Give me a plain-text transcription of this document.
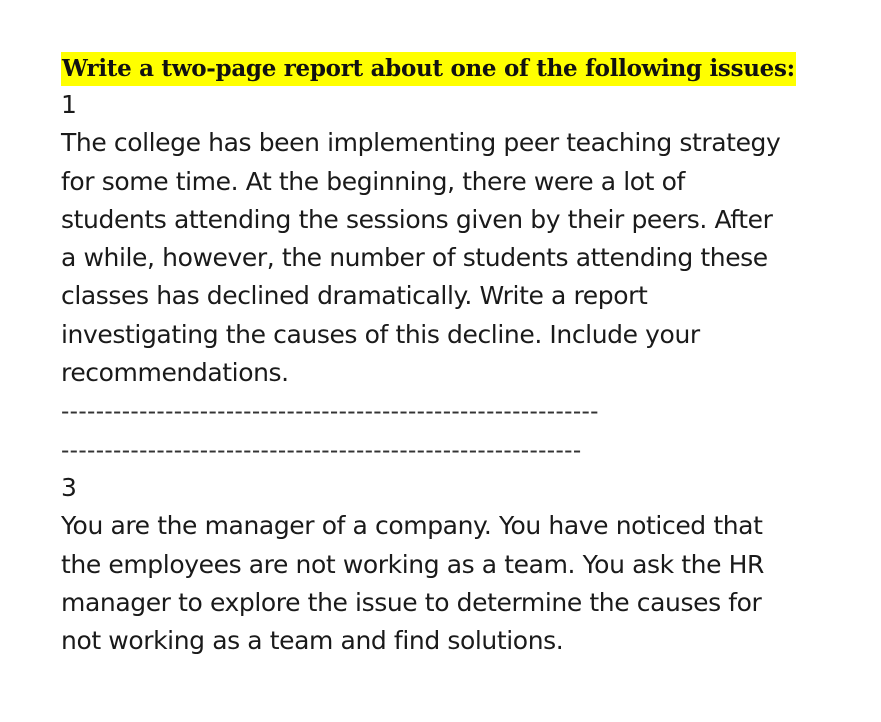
Write a two-page report about one of the following issues:
1
The college has been implementing peer teaching strategy
for some time. At the beginning, there were a lot of
students attending the sessions given by their peers. After
a while, however, the number of students attending these
classes has declined dramatically. Write a report
investigating the causes of this decline. Include your
recommendations.
--------------------------------------------------------------
------------------------------------------------------------
3
You are the manager of a company. You have noticed that
the employees are not working as a team. You ask the HR
manager to explore the issue to determine the causes for
not working as a team and find solutions.
